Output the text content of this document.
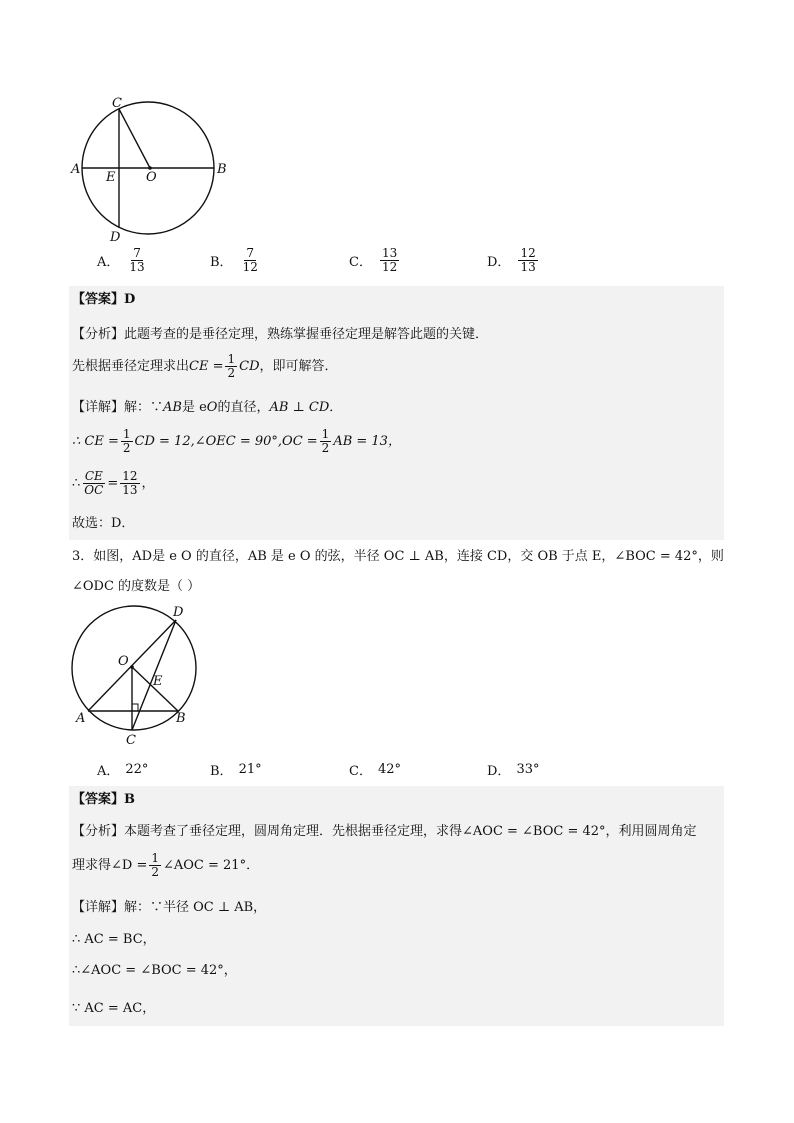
C
A
E O
B
D
A． $\frac{7}{13}$	B． $\frac{7}{12}$	C． $\frac{13}{12}$	D． $\frac{12}{13}$
【答案】D
【分析】此题考查的是垂径定理，熟练掌握垂径定理是解答此题的关键．
先根据垂径定理求出 CE = $\frac{1}{2}$ CD ，即可解答．
【详解】解：∵AB是 eO的直径，AB ⊥ CD．
∴ CE = $\frac{1}{2}$ CD = 12,∠OEC = $90^\circ,OC = \frac{1}{2}$ AB = 13，
∴ $\frac{CE}{OC} = \frac{12}{13}$ ，
故选：D．
3．如图，AD是 e O 的直径，AB 是 e O 的弦，半径 OC ⊥ AB，连接 CD，交 OB 于点 E，∠BOC = 42°，则
∠ODC 的度数是（ ）
D
O
E
A	B
C
A． 22°	B． 21°	C． 42°	D． 33°
【答案】B
【分析】本题考查了垂径定理，圆周角定理．先根据垂径定理，求得∠AOC = ∠BOC = 42°，利用圆周角定
理求得∠D = $\frac{1}{2}$ ∠AOC = 21°．
【详解】解：∵半径 OC ⊥ AB，
∴ AC = BC，
∴∠AOC = ∠BOC = 42°，
∵ AC = AC，
